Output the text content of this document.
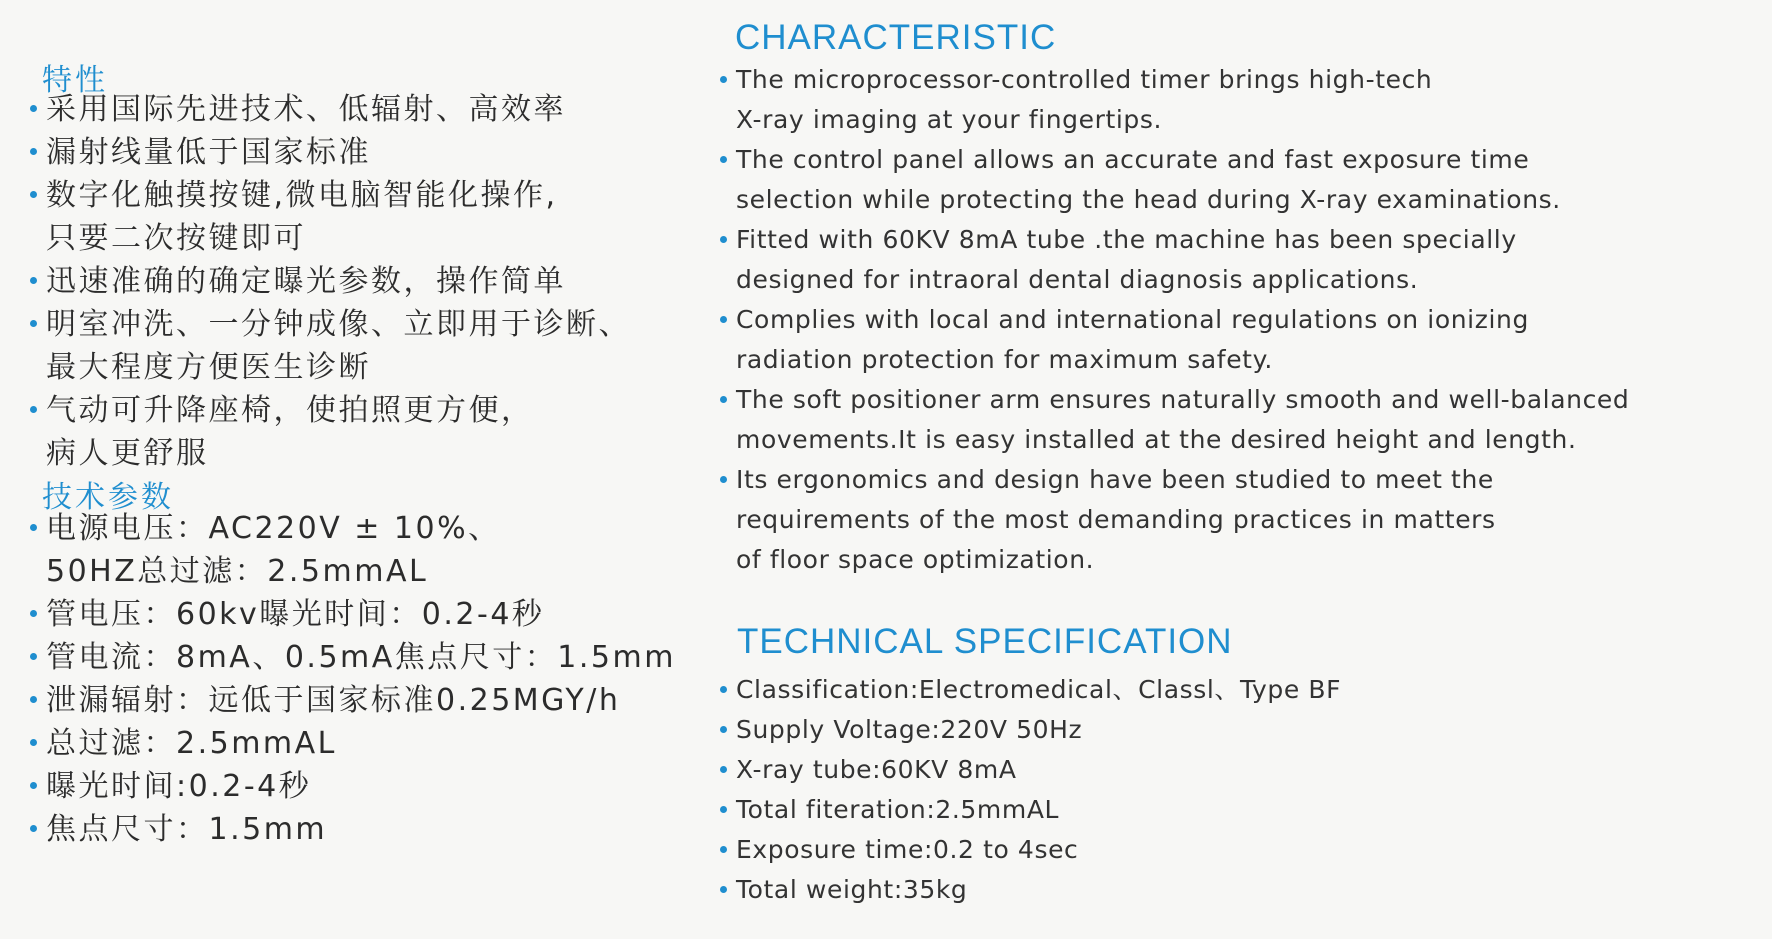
特性
采用国际先进技术、低辐射、高效率
漏射线量低于国家标准
数字化触摸按键,微电脑智能化操作,
只要二次按键即可
迅速准确的确定曝光参数，操作简单
明室冲洗、一分钟成像、立即用于诊断、
最大程度方便医生诊断
气动可升降座椅，使拍照更方便，
病人更舒服
技术参数
电源电压：AC220V ± 10%、
50HZ总过滤：2.5mmAL
管电压：60kv曝光时间：0.2-4秒
管电流：8mA、0.5mA焦点尺寸：1.5mm
泄漏辐射：远低于国家标准0.25MGY/h
总过滤：2.5mmAL
曝光时间:0.2-4秒
焦点尺寸：1.5mm
CHARACTERISTIC
The microprocessor-controlled timer brings high-tech
X-ray imaging at your fingertips.
The control panel allows an accurate and fast exposure time
selection while protecting the head during X-ray examinations.
Fitted with 60KV 8mA tube .the machine has been specially
designed for intraoral dental diagnosis applications.
Complies with local and international regulations on ionizing
radiation protection for maximum safety.
The soft positioner arm ensures naturally smooth and well-balanced
movements.It is easy installed at the desired height and length.
Its ergonomics and design have been studied to meet the
requirements of the most demanding practices in matters
of floor space optimization.
TECHNICAL SPECIFICATION
Classification:Electromedical、Classl、Type BF
Supply Voltage:220V 50Hz
X-ray tube:60KV 8mA
Total fiteration:2.5mmAL
Exposure time:0.2 to 4sec
Total weight:35kg
